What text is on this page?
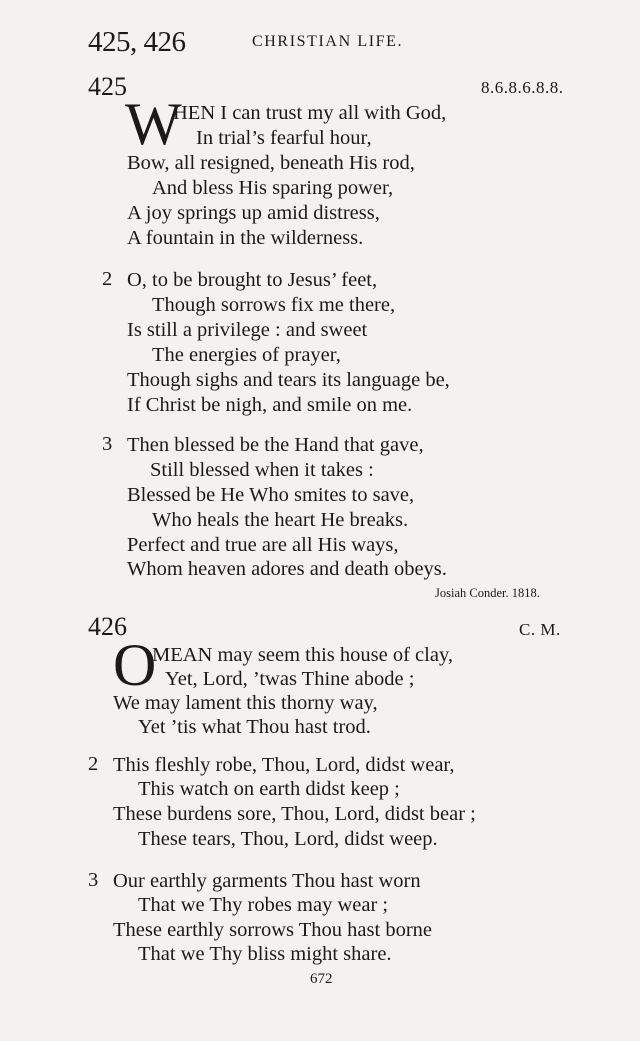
425, 426	CHRISTIAN LIFE.
425	8.6.8.6.8.8.
W
HEN I can trust my all with God,
In trial’s fearful hour,
Bow, all resigned, beneath His rod,
And bless His sparing power,
A joy springs up amid distress,
A fountain in the wilderness.
2 O, to be brought to Jesus’ feet,
Though sorrows fix me there,
Is still a privilege : and sweet
The energies of prayer,
Though sighs and tears its language be,
If Christ be nigh, and smile on me.
3 Then blessed be the Hand that gave,
Still blessed when it takes :
Blessed be He Who smites to save,
Who heals the heart He breaks.
Perfect and true are all His ways,
Whom heaven adores and death obeys.
Josiah Conder. 1818.
426	C. M.
O
MEAN may seem this house of clay,
Yet, Lord, ’twas Thine abode ;
We may lament this thorny way,
Yet ’tis what Thou hast trod.
2 This fleshly robe, Thou, Lord, didst wear,
This watch on earth didst keep ;
These burdens sore, Thou, Lord, didst bear ;
These tears, Thou, Lord, didst weep.
3 Our earthly garments Thou hast worn
That we Thy robes may wear ;
These earthly sorrows Thou hast borne
That we Thy bliss might share.
672
